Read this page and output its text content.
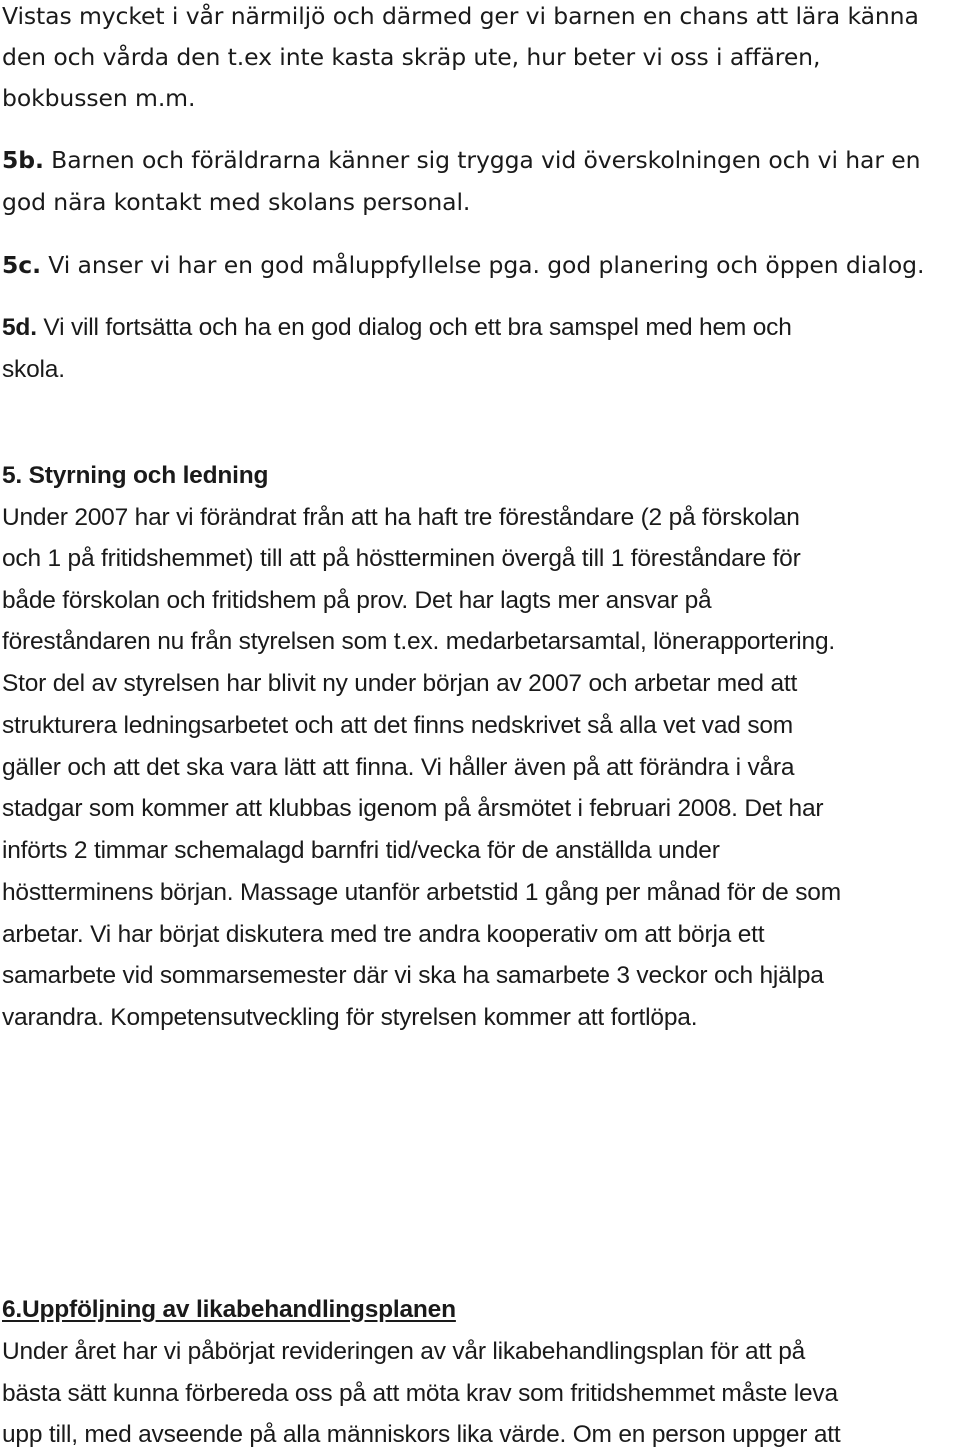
Vistas mycket i vår närmiljö och därmed ger vi barnen en chans att lära känna

den och vårda den t.ex inte kasta skräp ute, hur beter vi oss i affären,

bokbussen m.m.

5b. Barnen och föräldrarna känner sig trygga vid överskolningen och vi har en

god nära kontakt med skolans personal.

5c. Vi anser vi har en god måluppfyllelse pga. god planering och öppen dialog.

5d. Vi vill fortsätta och ha en god dialog och ett bra samspel med hem och

skola.

5. Styrning och ledning

Under 2007 har vi förändrat från att ha haft tre föreståndare (2 på förskolan

och 1 på fritidshemmet) till att på höstterminen övergå till 1 föreståndare för

både förskolan och fritidshem på prov. Det har lagts mer ansvar på

föreståndaren nu från styrelsen som t.ex. medarbetarsamtal, lönerapportering.

Stor del av styrelsen har blivit ny under början av 2007 och arbetar med att

strukturera ledningsarbetet och att det finns nedskrivet så alla vet vad som

gäller och att det ska vara lätt att finna. Vi håller även på att förändra i våra

stadgar som kommer att klubbas igenom på årsmötet i februari 2008. Det har

införts 2 timmar schemalagd barnfri tid/vecka för de anställda under

höstterminens början. Massage utanför arbetstid 1 gång per månad för de som

arbetar. Vi har börjat diskutera med tre andra kooperativ om att börja ett

samarbete vid sommarsemester där vi ska ha samarbete 3 veckor och hjälpa

varandra. Kompetensutveckling för styrelsen kommer att fortlöpa.

6.Uppföljning av likabehandlingsplanen

Under året har vi påbörjat revideringen av vår likabehandlingsplan för att på

bästa sätt kunna förbereda oss på att möta krav som fritidshemmet måste leva

upp till, med avseende på alla människors lika värde. Om en person uppger att
